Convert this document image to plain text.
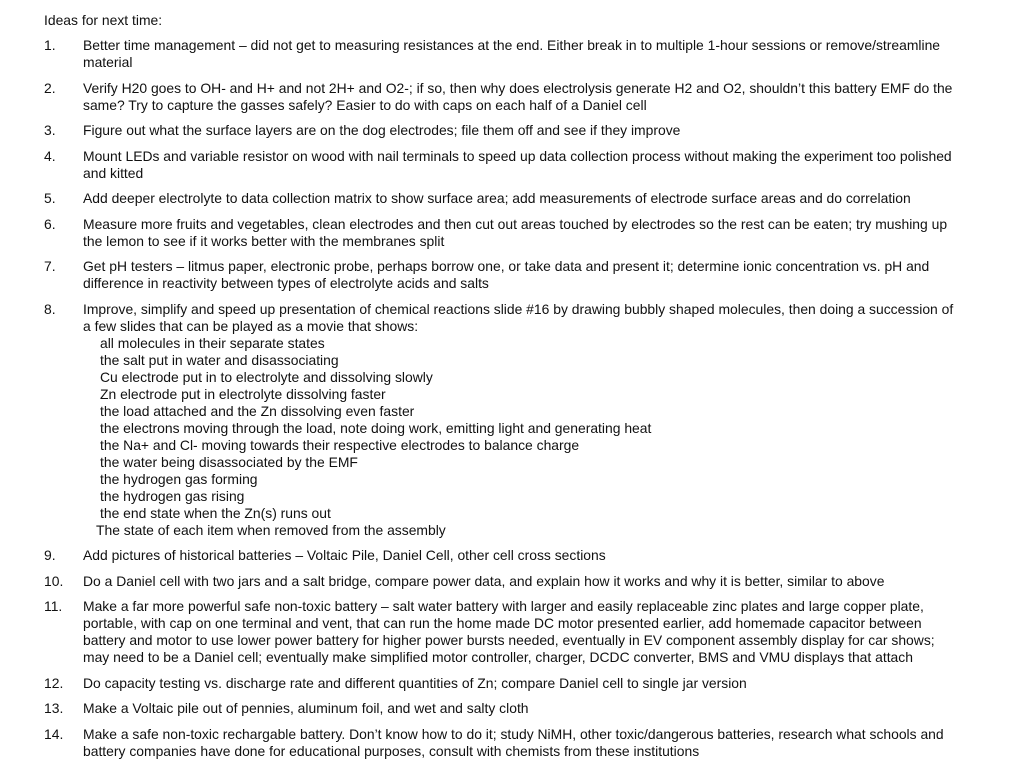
Ideas for next time:
1.	Better time management – did not get to measuring resistances at the end. Either break in to multiple 1-hour sessions or remove/streamline material
2.	Verify H20 goes to OH- and H+ and not 2H+ and O2-; if so, then why does electrolysis generate H2 and O2, shouldn’t this battery EMF do the same? Try to capture the gasses safely? Easier to do with caps on each half of a Daniel cell
3.	Figure out what the surface layers are on the dog electrodes; file them off and see if they improve
4.	Mount LEDs and variable resistor on wood with nail terminals to speed up data collection process without making the experiment too polished and kitted
5.	Add deeper electrolyte to data collection matrix to show surface area; add measurements of electrode surface areas and do correlation
6.	Measure more fruits and vegetables, clean electrodes and then cut out areas touched by electrodes so the rest can be eaten; try mushing up the lemon to see if it works better with the membranes split
7.	Get pH testers – litmus paper, electronic probe, perhaps borrow one, or take data and present it; determine ionic concentration vs. pH and difference in reactivity between types of electrolyte acids and salts
8.	Improve, simplify and speed up presentation of chemical reactions slide #16 by drawing bubbly shaped molecules, then doing a succession of a few slides that can be played as a movie that shows:
all molecules in their separate states
the salt put in water and disassociating
Cu electrode put in to electrolyte and dissolving slowly
Zn electrode put in electrolyte dissolving faster
the load attached and the Zn dissolving even faster
the electrons moving through the load, note doing work, emitting light and generating heat
the Na+ and Cl- moving towards their respective electrodes to balance charge
the water being disassociated by the EMF
the hydrogen gas forming
the hydrogen gas rising
the end state when the Zn(s) runs out
The state of each item when removed from the assembly
9.	Add pictures of historical batteries – Voltaic Pile, Daniel Cell, other cell cross sections
10.	Do a Daniel cell with two jars and a salt bridge, compare power data, and explain how it works and why it is better, similar to above
11.	Make a far more powerful safe non-toxic battery – salt water battery with larger and easily replaceable zinc plates and large copper plate, portable, with cap on one terminal and vent, that can run the home made DC motor presented earlier, add homemade capacitor between battery and motor to use lower power battery for higher power bursts needed, eventually in EV component assembly display for car shows; may need to be a Daniel cell; eventually make simplified motor controller, charger, DCDC converter, BMS and VMU displays that attach
12.	Do capacity testing vs. discharge rate and different quantities of Zn; compare Daniel cell to single jar version
13.	Make a Voltaic pile out of pennies, aluminum foil, and wet and salty cloth
14.	Make a safe non-toxic rechargable battery. Don’t know how to do it; study NiMH, other toxic/dangerous batteries, research what schools and battery companies have done for educational purposes, consult with chemists from these institutions
